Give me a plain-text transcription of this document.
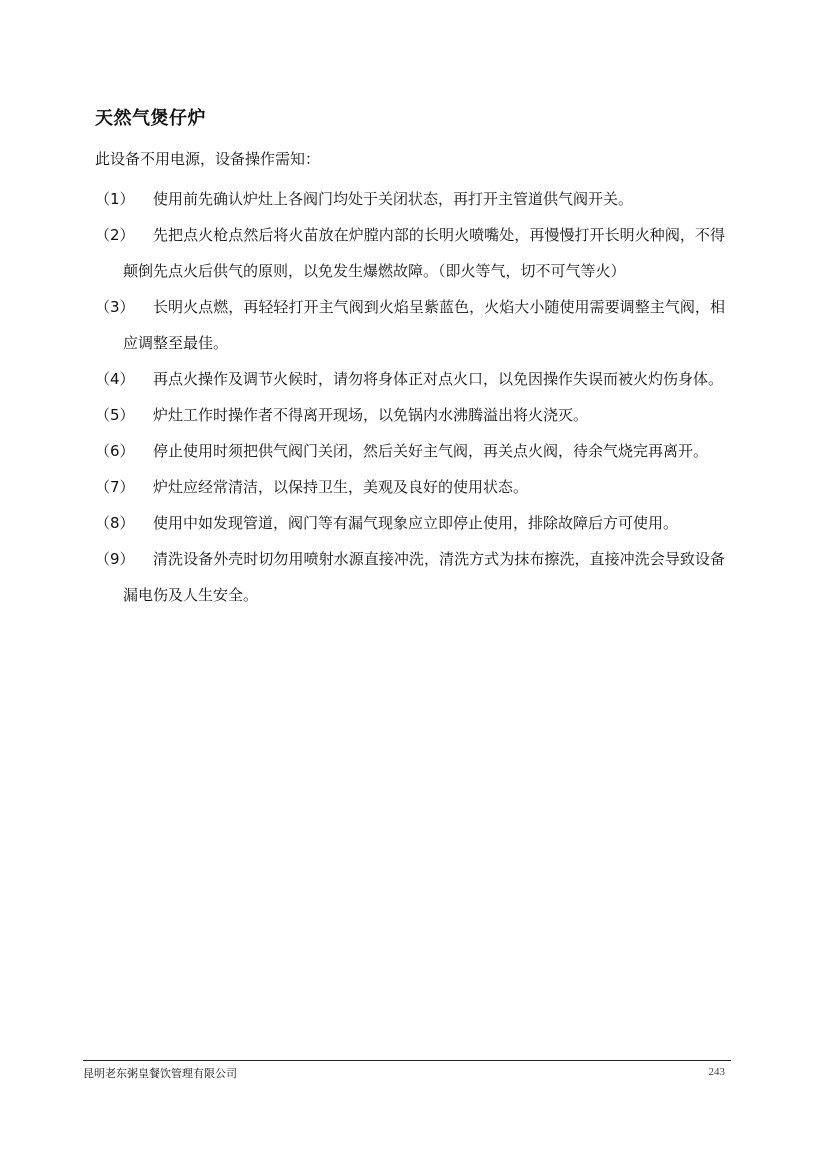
天然气煲仔炉
此设备不用电源，设备操作需知：
（1）	使用前先确认炉灶上各阀门均处于关闭状态，再打开主管道供气阀开关。
（2）	先把点火枪点然后将火苗放在炉膛内部的长明火喷嘴处，再慢慢打开长明火种阀，不得颠倒先点火后供气的原则，以免发生爆燃故障。（即火等气，切不可气等火）
（3）	长明火点燃，再轻轻打开主气阀到火焰呈紫蓝色，火焰大小随使用需要调整主气阀，相应调整至最佳。
（4）	再点火操作及调节火候时，请勿将身体正对点火口，以免因操作失误而被火灼伤身体。
（5）	炉灶工作时操作者不得离开现场，以免锅内水沸腾溢出将火浇灭。
（6）	停止使用时须把供气阀门关闭，然后关好主气阀，再关点火阀，待余气烧完再离开。
（7）	炉灶应经常清洁，以保持卫生，美观及良好的使用状态。
（8）	使用中如发现管道，阀门等有漏气现象应立即停止使用，排除故障后方可使用。
（9）	清洗设备外壳时切勿用喷射水源直接冲洗，清洗方式为抹布擦洗，直接冲洗会导致设备漏电伤及人生安全。
昆明老东粥皇餐饮管理有限公司	243
